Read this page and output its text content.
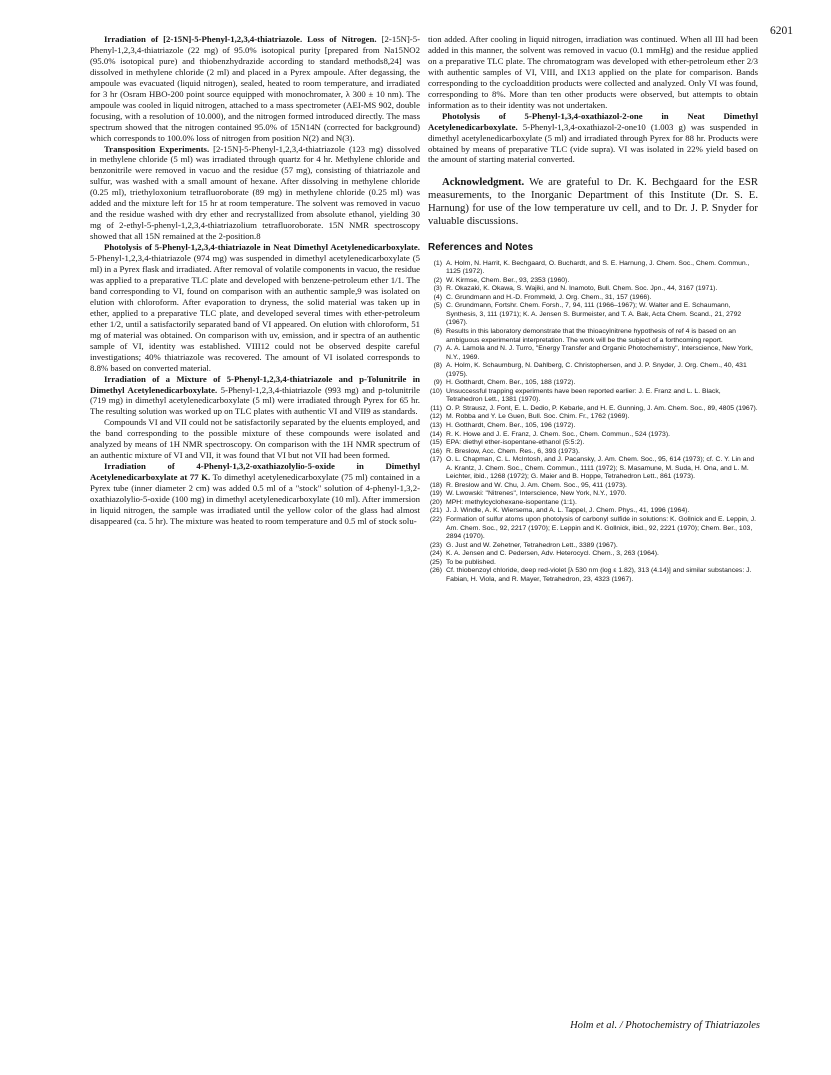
6201

Irradiation of [2-15N]-5-Phenyl-1,2,3,4-thiatriazole. Loss of Nitrogen. [2-15N]-5-Phenyl-1,2,3,4-thiatriazole (22 mg) of 95.0% isotopical purity [prepared from Na15NO2 (95.0% isotopical pure) and thiobenzhydrazide according to standard methods8,24] was dissolved in methylene chloride (2 ml) and placed in a Pyrex ampoule. After degassing, the ampoule was evacuated (liquid nitrogen), sealed, heated to room temperature, and irradiated for 3 hr (Osram HBO-200 point source equipped with monochromater, λ 300 ± 10 nm). The ampoule was cooled in liquid nitrogen, attached to a mass spectrometer (AEI-MS 902, double focusing, with a resolution of 10.000), and the nitrogen formed introduced directly. The mass spectrum showed that the nitrogen contained 95.0% of 15N14N (corrected for background) which corresponds to 100.0% loss of nitrogen from position N(2) and N(3).

Transposition Experiments. [2-15N]-5-Phenyl-1,2,3,4-thiatriazole (123 mg) dissolved in methylene chloride (5 ml) was irradiated through quartz for 4 hr. Methylene chloride and benzonitrile were removed in vacuo and the residue (57 mg), consisting of thiatriazole and sulfur, was washed with a small amount of hexane. After dissolving in methylene chloride (0.25 ml), triethyloxonium tetrafluoroborate (89 mg) in methylene chloride (0.25 ml) was added and the mixture left for 15 hr at room temperature. The solvent was removed in vacuo and the residue washed with dry ether and recrystallized from absolute ethanol, yielding 30 mg of 2-ethyl-5-phenyl-1,2,3,4-thiatriazolium tetrafluoroborate. 15N NMR spectroscopy showed that all 15N remained at the 2-position.8

Photolysis of 5-Phenyl-1,2,3,4-thiatriazole in Neat Dimethyl Acetylenedicarboxylate. 5-Phenyl-1,2,3,4-thiatriazole (974 mg) was suspended in dimethyl acetylenedicarboxylate (5 ml) in a Pyrex flask and irradiated. After removal of volatile components in vacuo, the residue was applied to a preparative TLC plate and developed with benzene-petroleum ether 1/1. The band corresponding to VI, found on comparison with an authentic sample,9 was isolated on elution with chloroform. After evaporation to dryness, the solid material was taken up in ether, applied to a preparative TLC plate, and developed several times with ether-petroleum ether 1/2, until a satisfactorily separated band of VI appeared. On elution with chloroform, 51 mg of material was obtained. On comparison with uv, emission, and ir spectra of an authentic sample of VI, identity was established. VIII12 could not be observed despite careful investigations; 40% thiatriazole was recovered. The amount of VI isolated corresponds to 8.8% based on converted material.

Irradiation of a Mixture of 5-Phenyl-1,2,3,4-thiatriazole and p-Tolunitrile in Dimethyl Acetylenedicarboxylate. 5-Phenyl-1,2,3,4-thiatriazole (993 mg) and p-tolunitrile (719 mg) in dimethyl acetylenedicarboxylate (5 ml) were irradiated through Pyrex for 65 hr. The resulting solution was worked up on TLC plates with authentic VI and VII9 as standards.

Compounds VI and VII could not be satisfactorily separated by the eluents employed, and the band corresponding to the possible mixture of these compounds were isolated and analyzed by means of 1H NMR spectroscopy. On comparison with the 1H NMR spectrum of an authentic mixture of VI and VII, it was found that VI but not VII had been formed.

Irradiation of 4-Phenyl-1,3,2-oxathiazolylio-5-oxide in Dimethyl Acetylenedicarboxylate at 77 K. To dimethyl acetylenedicarboxylate (75 ml) contained in a Pyrex tube (inner diameter 2 cm) was added 0.5 ml of a "stock" solution of 4-phenyl-1,3,2-oxathiazolylio-5-oxide (100 mg) in dimethyl acetylenedicarboxylate (10 ml). After immersion in liquid nitrogen, the sample was irradiated until the yellow color of the glass had almost disappeared (ca. 5 hr). The mixture was heated to room temperature and 0.5 ml of stock solu-

tion added. After cooling in liquid nitrogen, irradiation was continued. When all III had been added in this manner, the solvent was removed in vacuo (0.1 mmHg) and the residue applied on a preparative TLC plate. The chromatogram was developed with ether-petroleum ether 2/3 with authentic samples of VI, VIII, and IX13 applied on the plate for comparison. Bands corresponding to the cycloaddition products were collected and analyzed. Only VI was found, corresponding to 8%. More than ten other products were observed, but attempts to obtain information as to their identity was not undertaken.

Photolysis of 5-Phenyl-1,3,4-oxathiazol-2-one in Neat Dimethyl Acetylenedicarboxylate. 5-Phenyl-1,3,4-oxathiazol-2-one10 (1.003 g) was suspended in dimethyl acetylenedicarboxylate (5 ml) and irradiated through Pyrex for 88 hr. Products were obtained by means of preparative TLC (vide supra). VI was isolated in 22% yield based on the amount of starting material converted.

Acknowledgment. We are grateful to Dr. K. Bechgaard for the ESR measurements, to the Inorganic Department of this Institute (Dr. S. E. Harnung) for use of the low temperature uv cell, and to Dr. J. P. Snyder for valuable discussions.

References and Notes
(1) A. Holm, N. Harrit, K. Bechgaard, O. Buchardt, and S. E. Harnung, J. Chem. Soc., Chem. Commun., 1125 (1972).
(2) W. Kirmse, Chem. Ber., 93, 2353 (1960).
(3) R. Okazaki, K. Okawa, S. Wajiki, and N. Inamoto, Bull. Chem. Soc. Jpn., 44, 3167 (1971).
(4) C. Grundmann and H.-D. Frommeld, J. Org. Chem., 31, 157 (1966).
(5) C. Grundmann, Fortshr. Chem. Forsh., 7, 94, 111 (1966–1967); W. Walter and E. Schaumann, Synthesis, 3, 111 (1971); K. A. Jensen S. Burmeister, and T. A. Bak, Acta Chem. Scand., 21, 2792 (1967).
(6) Results in this laboratory demonstrate that the thioacylnitrene hypothesis of ref 4 is based on an ambiguous experimental interpretation. The work will be the subject of a forthcoming report.
(7) A. A. Lamola and N. J. Turro, "Energy Transfer and Organic Photochemistry", Interscience, New York, N.Y., 1969.
(8) A. Holm, K. Schaumburg, N. Dahlberg, C. Christophersen, and J. P. Snyder, J. Org. Chem., 40, 431 (1975).
(9) H. Gotthardt, Chem. Ber., 105, 188 (1972).
(10) Unsuccessful trapping experiments have been reported earlier: J. E. Franz and L. L. Black, Tetrahedron Lett., 1381 (1970).
(11) O. P. Strausz, J. Font, E. L. Dedio, P. Kebarle, and H. E. Gunning, J. Am. Chem. Soc., 89, 4805 (1967).
(12) M. Robba and Y. Le Guen, Bull. Soc. Chim. Fr., 1762 (1969).
(13) H. Gotthardt, Chem. Ber., 105, 196 (1972).
(14) R. K. Howe and J. E. Franz, J. Chem. Soc., Chem. Commun., 524 (1973).
(15) EPA: diethyl ether-isopentane-ethanol (5:5:2).
(16) R. Breslow, Acc. Chem. Res., 6, 393 (1973).
(17) O. L. Chapman, C. L. McIntosh, and J. Pacansky, J. Am. Chem. Soc., 95, 614 (1973); cf. C. Y. Lin and A. Krantz, J. Chem. Soc., Chem. Commun., 1111 (1972); S. Masamune, M. Suda, H. Ona, and L. M. Leichter, ibid., 1268 (1972); G. Maier and B. Hoppe, Tetrahedron Lett., 861 (1973).
(18) R. Breslow and W. Chu, J. Am. Chem. Soc., 95, 411 (1973).
(19) W. Lwowski: "Nitrenes", Interscience, New York, N.Y., 1970.
(20) MPH: methylcyclohexane-isopentane (1:1).
(21) J. J. Windle, A. K. Wiersema, and A. L. Tappel, J. Chem. Phys., 41, 1996 (1964).
(22) Formation of sulfur atoms upon photolysis of carbonyl sulfide in solutions: K. Gollnick and E. Leppin, J. Am. Chem. Soc., 92, 2217 (1970); E. Leppin and K. Gollnick, ibid., 92, 2221 (1970); Chem. Ber., 103, 2894 (1970).
(23) G. Just and W. Zehetner, Tetrahedron Lett., 3389 (1967).
(24) K. A. Jensen and C. Pedersen, Adv. Heterocycl. Chem., 3, 263 (1964).
(25) To be published.
(26) Cf. thiobenzoyl chloride, deep red-violet [λ 530 nm (log ε 1.82), 313 (4.14)] and similar substances: J. Fabian, H. Viola, and R. Mayer, Tetrahedron, 23, 4323 (1967).
Holm et al. / Photochemistry of Thiatriazoles
